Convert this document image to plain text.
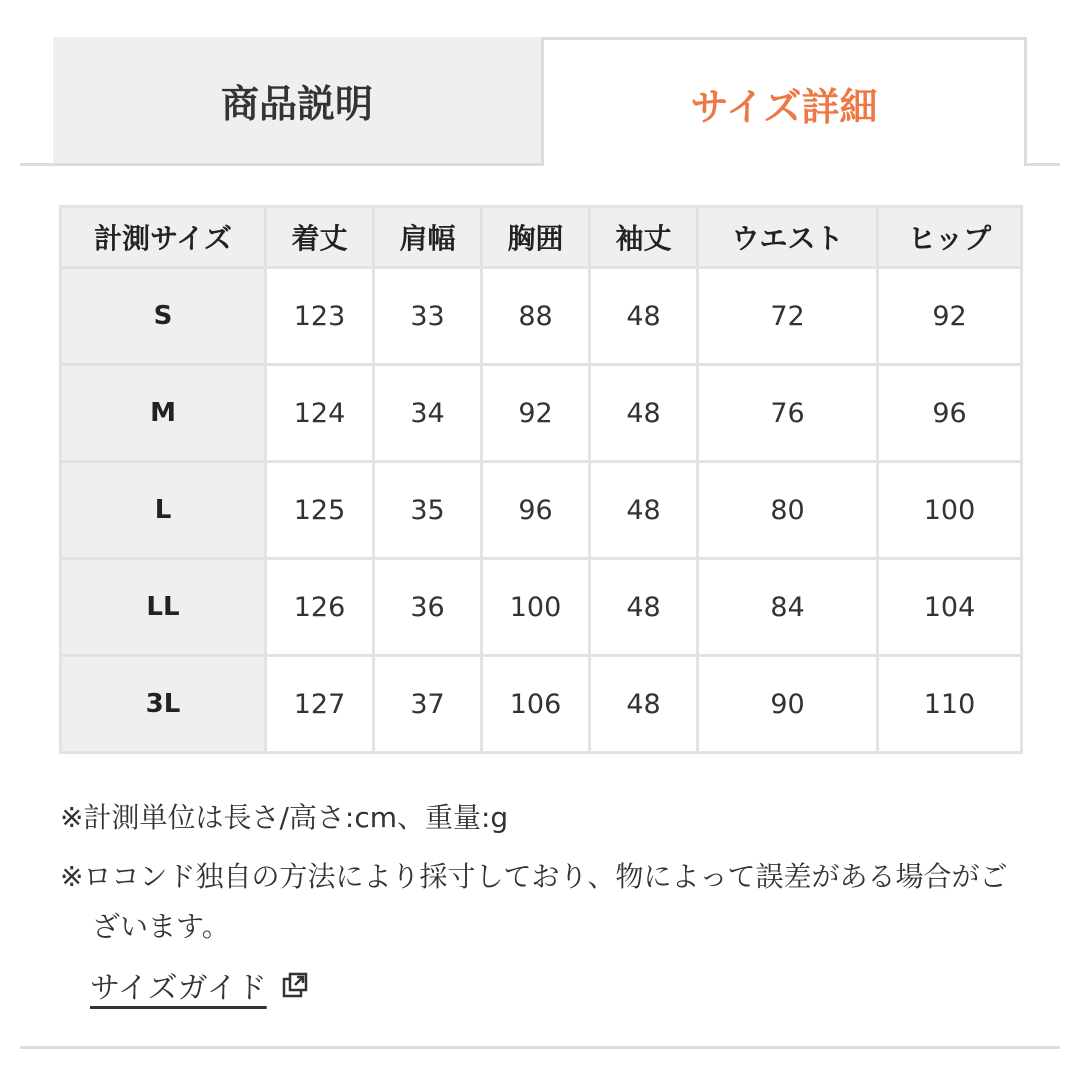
商品説明	サイズ詳細
計測サイズ	着丈	肩幅	胸囲	袖丈	ウエスト	ヒップ
S	123	33	88	48	72	92
M	124	34	92	48	76	96
L	125	35	96	48	80	100
LL	126	36	100	48	84	104
3L	127	37	106	48	90	110
※計測単位は長さ/高さ:cm、重量:g
※ロコンド独自の方法により採寸しており、物によって誤差がある場合がございます。
サイズガイド
